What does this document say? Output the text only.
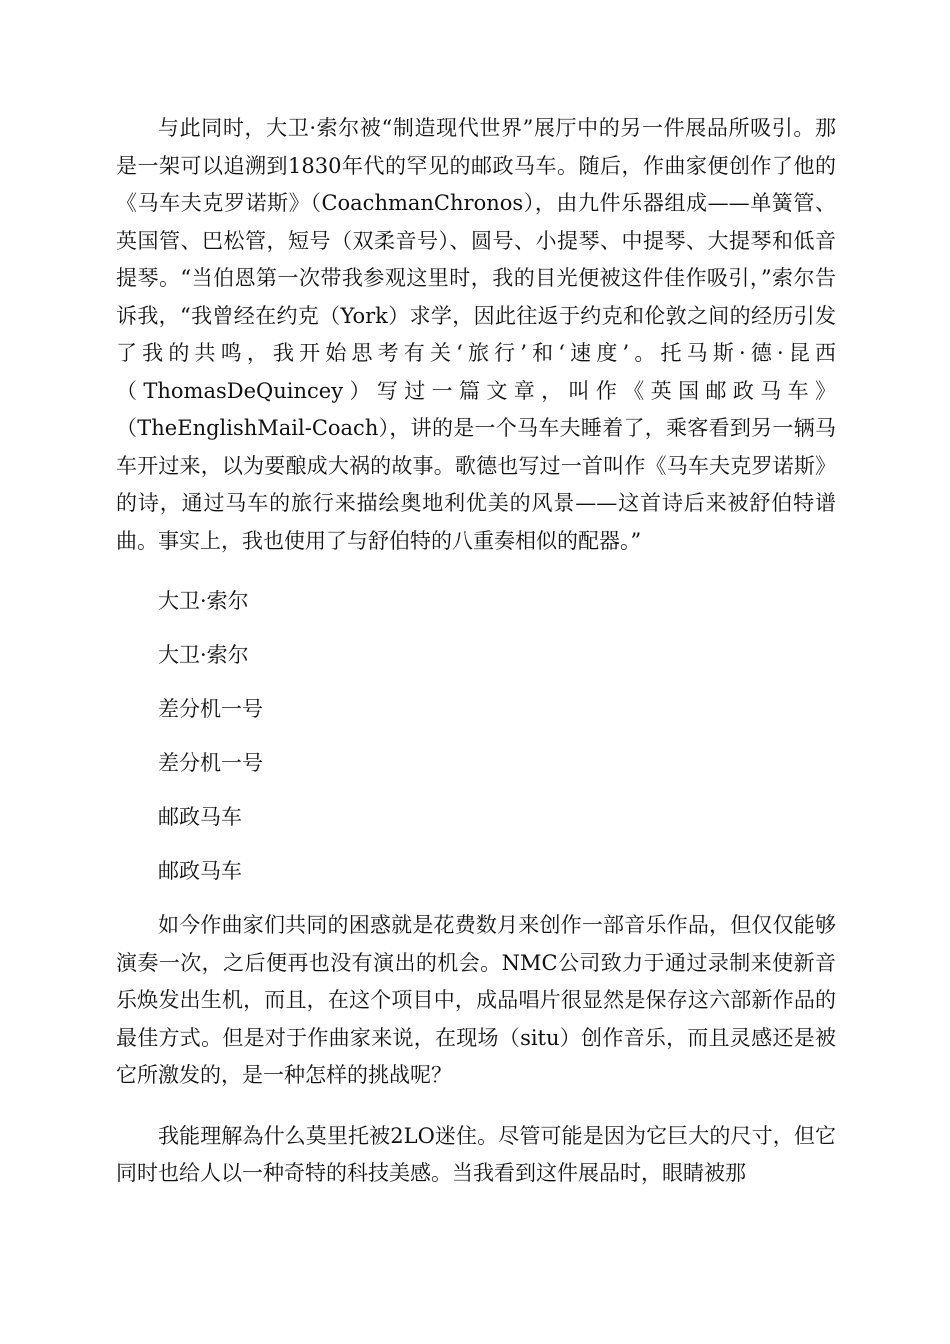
与此同时，大卫·索尔被“制造现代世界”展厅中的另一件展品所吸引。那是一架可以追溯到1830年代的罕见的邮政马车。随后，作曲家便创作了他的《马车夫克罗诺斯》（CoachmanChronos），由九件乐器组成——单簧管、英国管、巴松管，短号（双柔音号）、圆号、小提琴、中提琴、大提琴和低音提琴。“当伯恩第一次带我参观这里时，我的目光便被这件佳作吸引，”索尔告诉我，“我曾经在约克（York）求学，因此往返于约克和伦敦之间的经历引发了我的共鸣，我开始思考有关‘旅行’和‘速度’。托马斯·德·昆西（ThomasDeQuincey）写过一篇文章，叫作《英国邮政马车》（TheEnglishMail-Coach），讲的是一个马车夫睡着了，乘客看到另一辆马车开过来，以为要酿成大祸的故事。歌德也写过一首叫作《马车夫克罗诺斯》的诗，通过马车的旅行来描绘奥地利优美的风景——这首诗后来被舒伯特谱曲。事实上，我也使用了与舒伯特的八重奏相似的配器。”

大卫·索尔

大卫·索尔

差分机一号

差分机一号

邮政马车

邮政马车

如今作曲家们共同的困惑就是花费数月来创作一部音乐作品，但仅仅能够演奏一次，之后便再也没有演出的机会。NMC公司致力于通过录制来使新音乐焕发出生机，而且，在这个项目中，成品唱片很显然是保存这六部新作品的最佳方式。但是对于作曲家来说，在现场（situ）创作音乐，而且灵感还是被它所激发的，是一种怎样的挑战呢？

我能理解為什么莫里托被2LO迷住。尽管可能是因为它巨大的尺寸，但它同时也给人以一种奇特的科技美感。当我看到这件展品时，眼睛被那
